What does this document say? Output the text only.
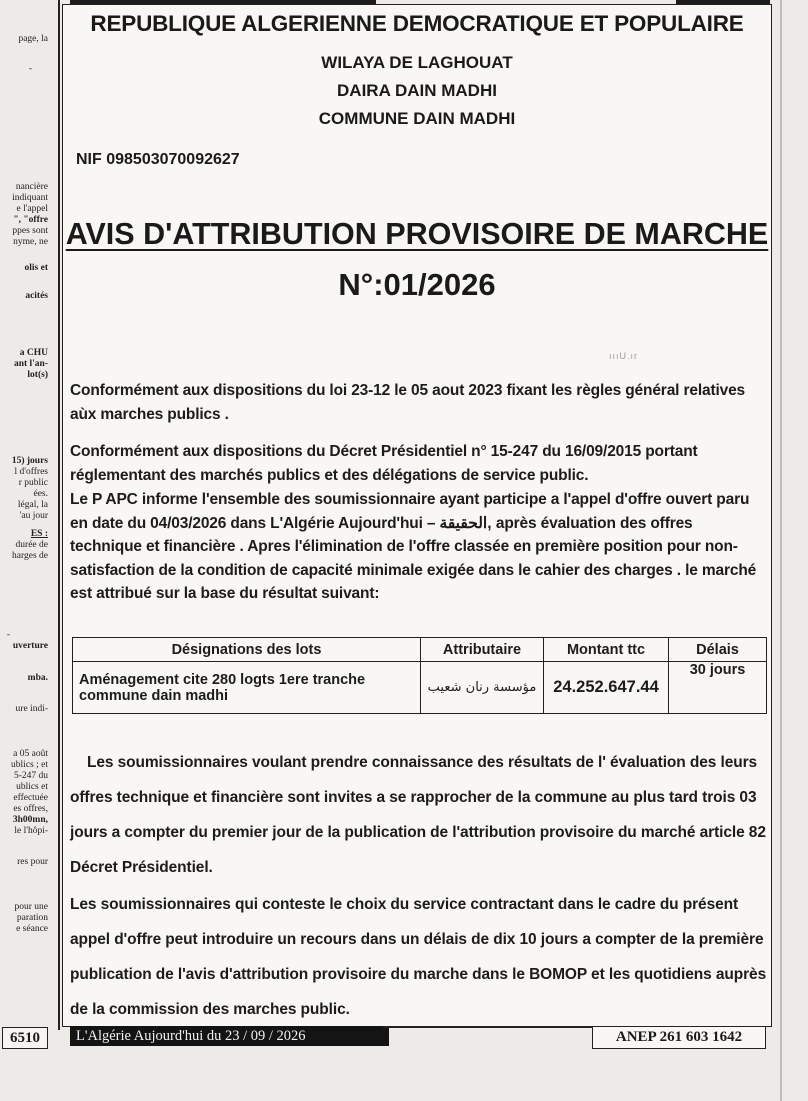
page, la
-
nancière
indiquant
e l'appel
", "offre
ppes sont
nyme, ne
olis et
acités
a CHU
ant l'an-
lot(s)
15) jours
l d'offres
r public
ées.
légal, la
'au jour
ES :
durée de
harges de
-
uverture
mba.
ure indi-
a 05 août
ublics ; et
5-247 du
ublics et
effectuée
es offres,
3h00mn,
le l'hôpi-
res pour
pour une
paration
e séance
6510
REPUBLIQUE ALGERIENNE DEMOCRATIQUE ET POPULAIRE
WILAYA DE LAGHOUAT
DAIRA DAIN MADHI
COMMUNE DAIN MADHI
NIF 098503070092627
AVIS D'ATTRIBUTION PROVISOIRE DE MARCHE
N°:01/2026
ıııU.ır
Conformément aux dispositions du loi 23-12 le 05 aout 2023 fixant les règles général relatives aùx marches publics .
Conformément aux dispositions du Décret Présidentiel n° 15-247 du 16/09/2015 portant réglementant des marchés publics et des délégations de service public.
Le P APC informe l'ensemble des soumissionnaire ayant participe a l'appel d'offre ouvert paru en date du 04/03/2026 dans L'Algérie Aujourd'hui – الحقيقة, après évaluation des offres technique et financière . Apres l'élimination de l'offre classée en première position pour non-satisfaction de la condition de capacité minimale exigée dans le cahier des charges . le marché est attribué sur la base du résultat suivant:
Désignations des lots	Attributaire	Montant ttc	Délais
Aménagement cite 280 logts 1ere tranche commune dain madhi	مؤسسة رنان شعيب	24.252.647.44	30 jours
Les soumissionnaires voulant prendre connaissance des résultats de l' évaluation des leurs offres technique et financière sont invites a se rapprocher de la commune au plus tard trois 03 jours a compter du premier jour de la publication de l'attribution provisoire du marché article 82 Décret Présidentiel.
Les soumissionnaires qui conteste le choix du service contractant dans le cadre du présent appel d'offre peut introduire un recours dans un délais de dix 10 jours a compter de la première publication de l'avis d'attribution provisoire du marche dans le BOMOP et les quotidiens auprès de la commission des marches public.
L'Algérie Aujourd'hui du 23 / 09 / 2026	ANEP 261 603 1642
